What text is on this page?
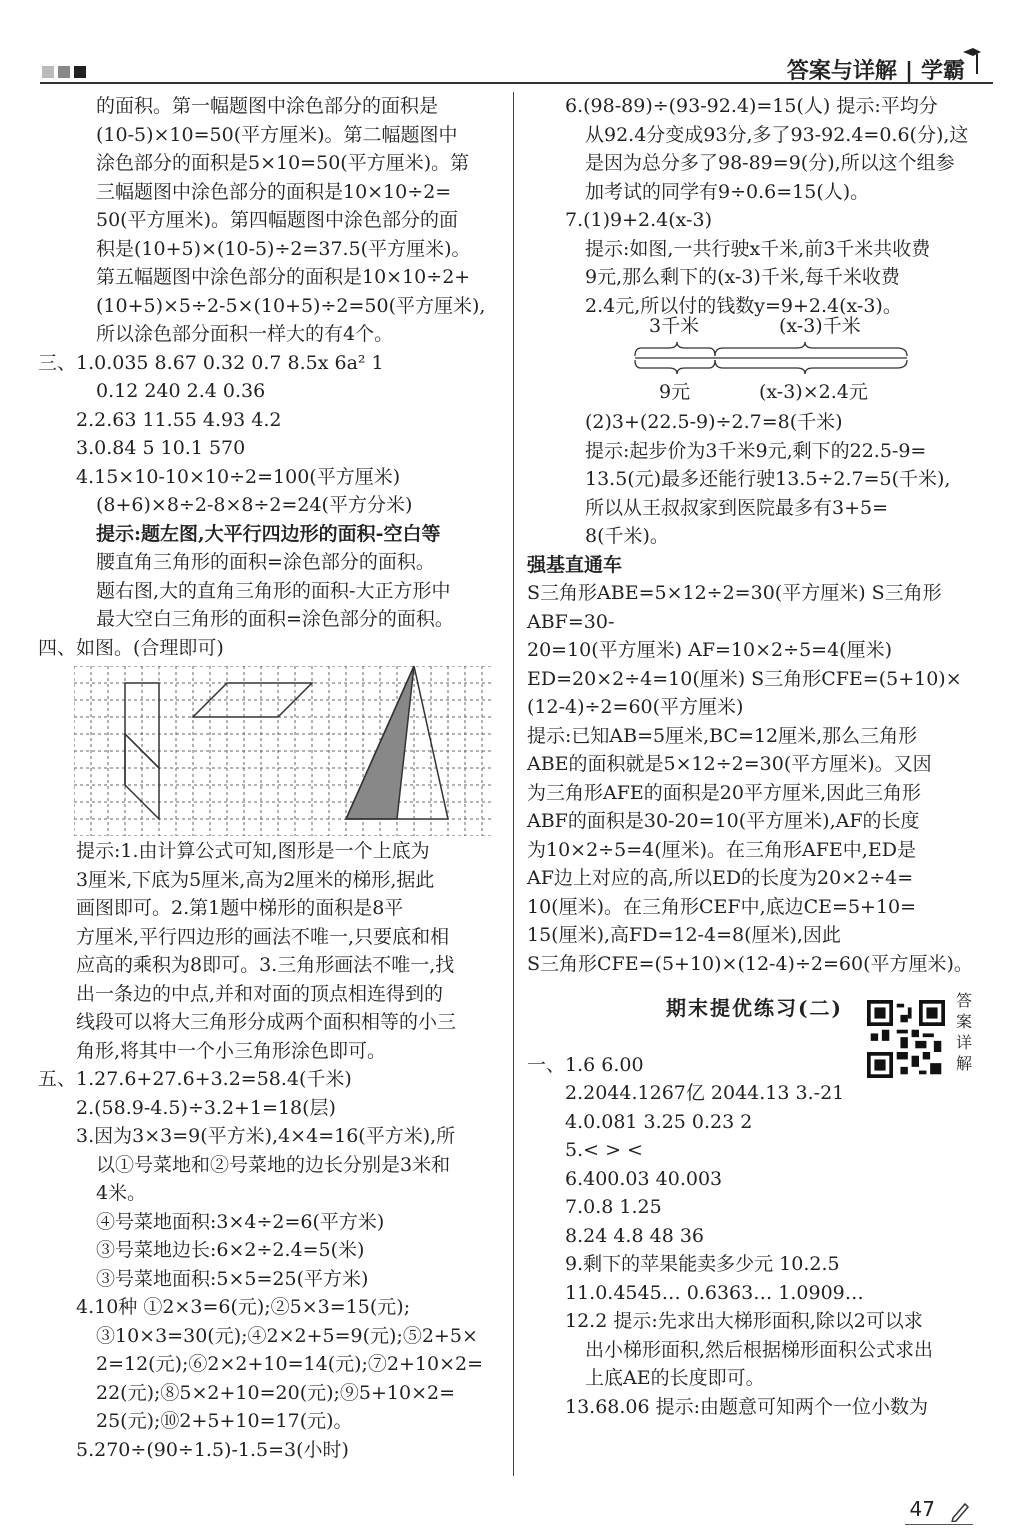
答案与详解 | 学霸

的面积。第一幅题图中涂色部分的面积是

(10-5)×10=50(平方厘米)。第二幅题图中

涂色部分的面积是5×10=50(平方厘米)。第

三幅题图中涂色部分的面积是10×10÷2=

50(平方厘米)。第四幅题图中涂色部分的面

积是(10+5)×(10-5)÷2=37.5(平方厘米)。

第五幅题图中涂色部分的面积是10×10÷2+

(10+5)×5÷2-5×(10+5)÷2=50(平方厘米),

所以涂色部分面积一样大的有4个。

三、1.0.035 8.67 0.32 0.7 8.5x 6a² 1

0.12 240 2.4 0.36

2.2.63 11.55 4.93 4.2

3.0.84 5 10.1 570

4.15×10-10×10÷2=100(平方厘米)

(8+6)×8÷2-8×8÷2=24(平方分米)

提示:题左图,大平行四边形的面积-空白等

腰直角三角形的面积=涂色部分的面积。

题右图,大的直角三角形的面积-大正方形中

最大空白三角形的面积=涂色部分的面积。

四、如图。(合理即可)

提示:1.由计算公式可知,图形是一个上底为

3厘米,下底为5厘米,高为2厘米的梯形,据此

画图即可。2.第1题中梯形的面积是8平

方厘米,平行四边形的画法不唯一,只要底和相

应高的乘积为8即可。3.三角形画法不唯一,找

出一条边的中点,并和对面的顶点相连得到的

线段可以将大三角形分成两个面积相等的小三

角形,将其中一个小三角形涂色即可。

五、1.27.6+27.6+3.2=58.4(千米)

2.(58.9-4.5)÷3.2+1=18(层)

3.因为3×3=9(平方米),4×4=16(平方米),所

以①号菜地和②号菜地的边长分别是3米和

4米。

④号菜地面积:3×4÷2=6(平方米)

③号菜地边长:6×2÷2.4=5(米)

③号菜地面积:5×5=25(平方米)

4.10种 ①2×3=6(元);②5×3=15(元);

③10×3=30(元);④2×2+5=9(元);⑤2+5×

2=12(元);⑥2×2+10=14(元);⑦2+10×2=

22(元);⑧5×2+10=20(元);⑨5+10×2=

25(元);⑩2+5+10=17(元)。

5.270÷(90÷1.5)-1.5=3(小时)

6.(98-89)÷(93-92.4)=15(人) 提示:平均分

从92.4分变成93分,多了93-92.4=0.6(分),这

是因为总分多了98-89=9(分),所以这个组参

加考试的同学有9÷0.6=15(人)。

7.(1)9+2.4(x-3)

提示:如图,一共行驶x千米,前3千米共收费

9元,那么剩下的(x-3)千米,每千米收费

2.4元,所以付的钱数y=9+2.4(x-3)。

3千米	(x-3)千米
9元	(x-3)×2.4元

(2)3+(22.5-9)÷2.7=8(千米)

提示:起步价为3千米9元,剩下的22.5-9=

13.5(元)最多还能行驶13.5÷2.7=5(千米),

所以从王叔叔家到医院最多有3+5=

8(千米)。

强基直通车

S三角形ABE=5×12÷2=30(平方厘米) S三角形ABF=30-

20=10(平方厘米) AF=10×2÷5=4(厘米)

ED=20×2÷4=10(厘米) S三角形CFE=(5+10)×

(12-4)÷2=60(平方厘米)

提示:已知AB=5厘米,BC=12厘米,那么三角形

ABE的面积就是5×12÷2=30(平方厘米)。又因

为三角形AFE的面积是20平方厘米,因此三角形

ABF的面积是30-20=10(平方厘米),AF的长度

为10×2÷5=4(厘米)。在三角形AFE中,ED是

AF边上对应的高,所以ED的长度为20×2÷4=

10(厘米)。在三角形CEF中,底边CE=5+10=

15(厘米),高FD=12-4=8(厘米),因此

S三角形CFE=(5+10)×(12-4)÷2=60(平方厘米)。

期末提优练习(二)

一、1.6 6.00

2.2044.1267亿 2044.13 3.-21

4.0.081 3.25 0.23 2

5.< > <

6.400.03 40.003

7.0.8 1.25

8.24 4.8 48 36

9.剩下的苹果能卖多少元 10.2.5

11.0.4545… 0.6363… 1.0909…

12.2 提示:先求出大梯形面积,除以2可以求

出小梯形面积,然后根据梯形面积公式求出

上底AE的长度即可。

13.68.06 提示:由题意可知两个一位小数为

答案详解
47
